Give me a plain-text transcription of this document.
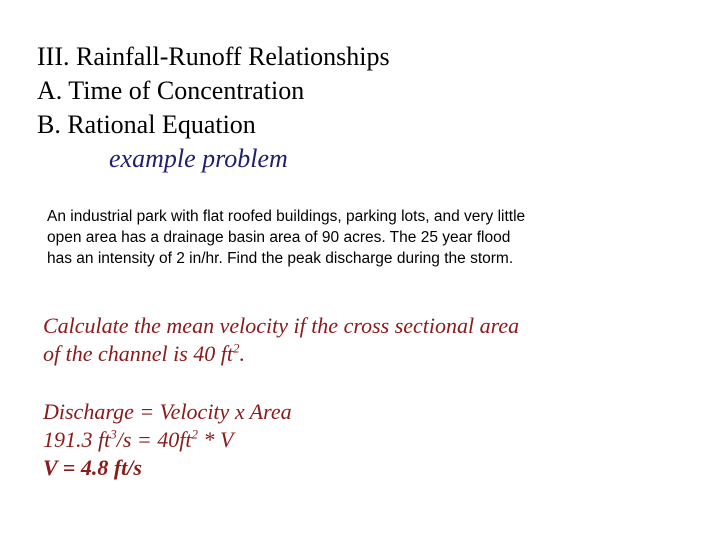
III. Rainfall-Runoff Relationships
A. Time of Concentration
B. Rational Equation
example problem
An industrial park with flat roofed buildings, parking lots, and very little
open area has a drainage basin area of 90 acres. The 25 year flood
has an intensity of 2 in/hr. Find the peak discharge during the storm.
Calculate the mean velocity if the cross sectional area
of the channel is 40 $ft^2$.
Discharge = Velocity x Area
191.3 $ft^3/s = 40ft^2 * V$
V = 4.8 ft/s
